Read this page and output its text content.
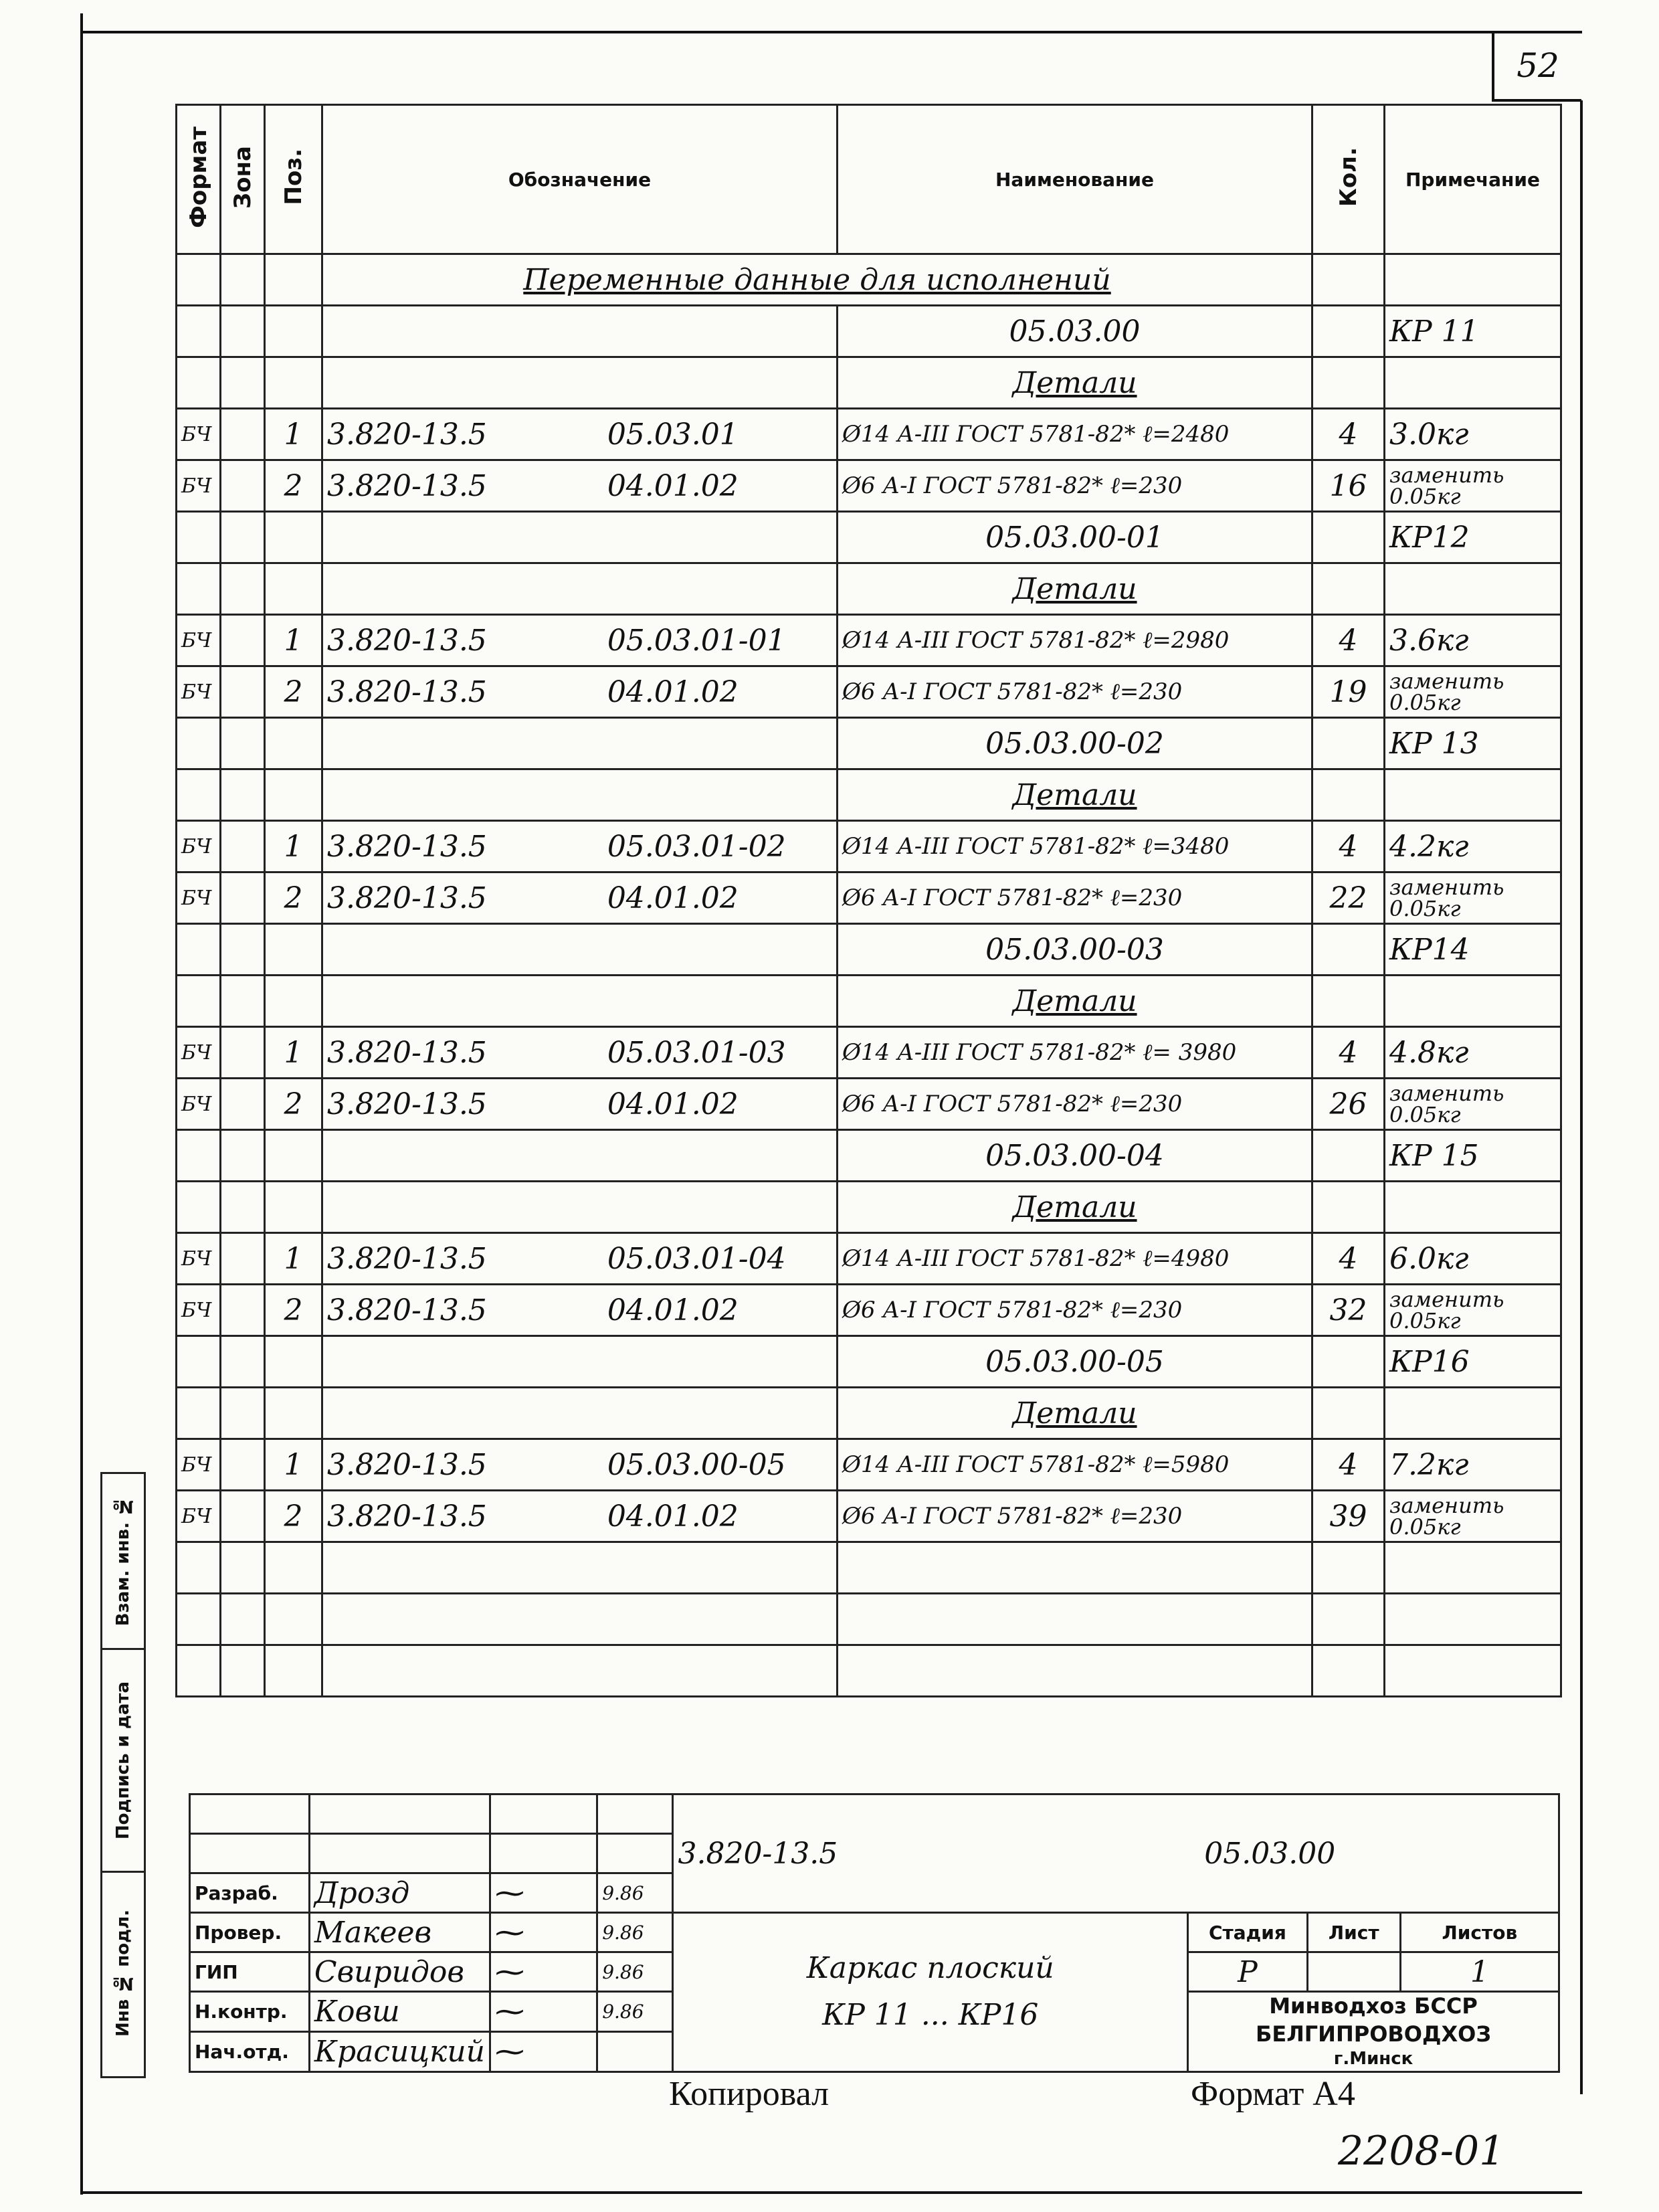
52
Формат	Зона	Поз.	Обозначение	Наименование	Кол.	Примечание
			Переменные данные для исполнений			
				05.03.00		КР 11
				Детали		
БЧ		1	3.820-13.5 05.03.01	Ø14 А-III ГОСТ 5781-82* ℓ=2480	4	3.0кг
БЧ		2	3.820-13.5 04.01.02	Ø6 А-I ГОСТ 5781-82* ℓ=230	16	заменить 0.05кг
				05.03.00-01		КР12
				Детали		
БЧ		1	3.820-13.5 05.03.01-01	Ø14 А-III ГОСТ 5781-82* ℓ=2980	4	3.6кг
БЧ		2	3.820-13.5 04.01.02	Ø6 А-I ГОСТ 5781-82* ℓ=230	19	заменить 0.05кг
				05.03.00-02		КР 13
				Детали		
БЧ		1	3.820-13.5 05.03.01-02	Ø14 А-III ГОСТ 5781-82* ℓ=3480	4	4.2кг
БЧ		2	3.820-13.5 04.01.02	Ø6 А-I ГОСТ 5781-82* ℓ=230	22	заменить 0.05кг
				05.03.00-03		КР14
				Детали		
БЧ		1	3.820-13.5 05.03.01-03	Ø14 А-III ГОСТ 5781-82* ℓ= 3980	4	4.8кг
БЧ		2	3.820-13.5 04.01.02	Ø6 А-I ГОСТ 5781-82* ℓ=230	26	заменить 0.05кг
				05.03.00-04		КР 15
				Детали		
БЧ		1	3.820-13.5 05.03.01-04	Ø14 А-III ГОСТ 5781-82* ℓ=4980	4	6.0кг
БЧ		2	3.820-13.5 04.01.02	Ø6 А-I ГОСТ 5781-82* ℓ=230	32	заменить 0.05кг
				05.03.00-05		КР16
				Детали		
БЧ		1	3.820-13.5 05.03.00-05	Ø14 А-III ГОСТ 5781-82* ℓ=5980	4	7.2кг
БЧ		2	3.820-13.5 04.01.02	Ø6 А-I ГОСТ 5781-82* ℓ=230	39	заменить 0.05кг

Взам. инв. №
Подпись и дата
Инв № подл.
				3.820-13.5 05.03.00			

Разраб.	Дрозд	⁓	9.86				
Провер.	Макеев	⁓	9.86	Каркас плоский
КР 11 ... КР16	Стадия	Лист	Листов
ГИП	Свиридов	⁓	9.86		Р		1
Н.контр.	Ковш	⁓	9.86		Минводхоз БССР
БЕЛГИПРОВОДХОЗ
г.Минск		

Нач.отд.	Красицкий	⁓					
Копировал	Формат А4
2208-01
